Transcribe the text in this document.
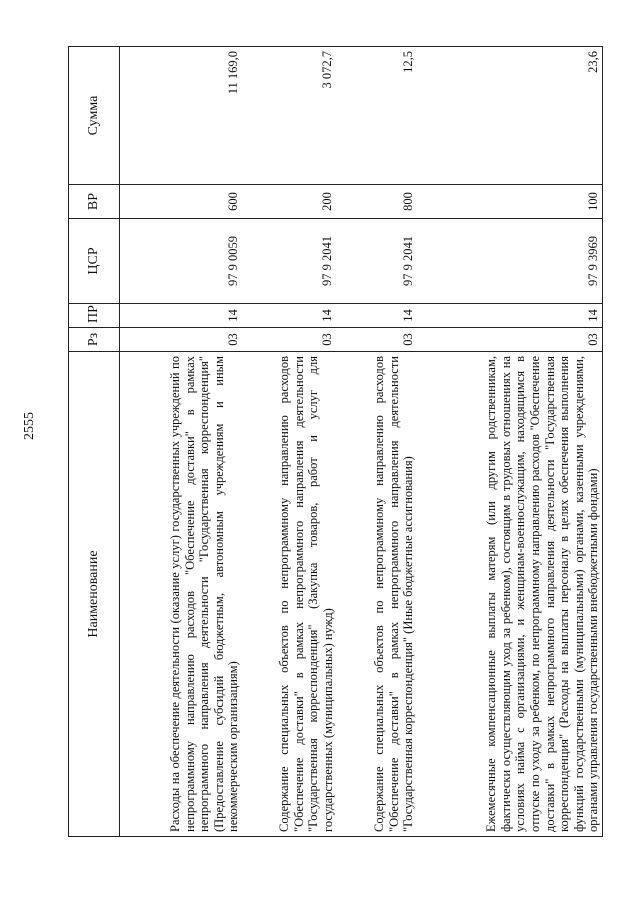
2555
Наименование	Рз	ПР	ЦСР	ВР	Сумма
Расходы на обеспечение деятельности (оказание услуг) государственных учреждений по непрограммному направлению расходов "Обеспечение доставки" в рамках непрограммного направления деятельности "Государственная корреспонденция" (Предоставление субсидий бюджетным, автономным учреждениям и иным некоммерческим организациям)	03	14	97 9 0059	600	11 169,0
Содержание специальных объектов по непрограммному направлению расходов "Обеспечение доставки" в рамках непрограммного направления деятельности "Государственная корреспонденция" (Закупка товаров, работ и услуг для государственных (муниципальных) нужд)	03	14	97 9 2041	200	3 072,7
Содержание специальных объектов по непрограммному направлению расходов "Обеспечение доставки" в рамках непрограммного направления деятельности "Государственная корреспонденция" (Иные бюджетные ассигнования)	03	14	97 9 2041	800	12,5
Ежемесячные компенсационные выплаты матерям (или другим родственникам, фактически осуществляющим уход за ребенком), состоящим в трудовых отношениях на условиях найма с организациями, и женщинам-военнослужащим, находящимся в отпуске по уходу за ребенком, по непрограммному направлению расходов "Обеспечение доставки" в рамках непрограммного направления деятельности "Государственная корреспонденция" (Расходы на выплаты персоналу в целях обеспечения выполнения функций государственными (муниципальными) органами, казенными учреждениями, органами управления государственными внебюджетными фондами)	03	14	97 9 3969	100	23,6
